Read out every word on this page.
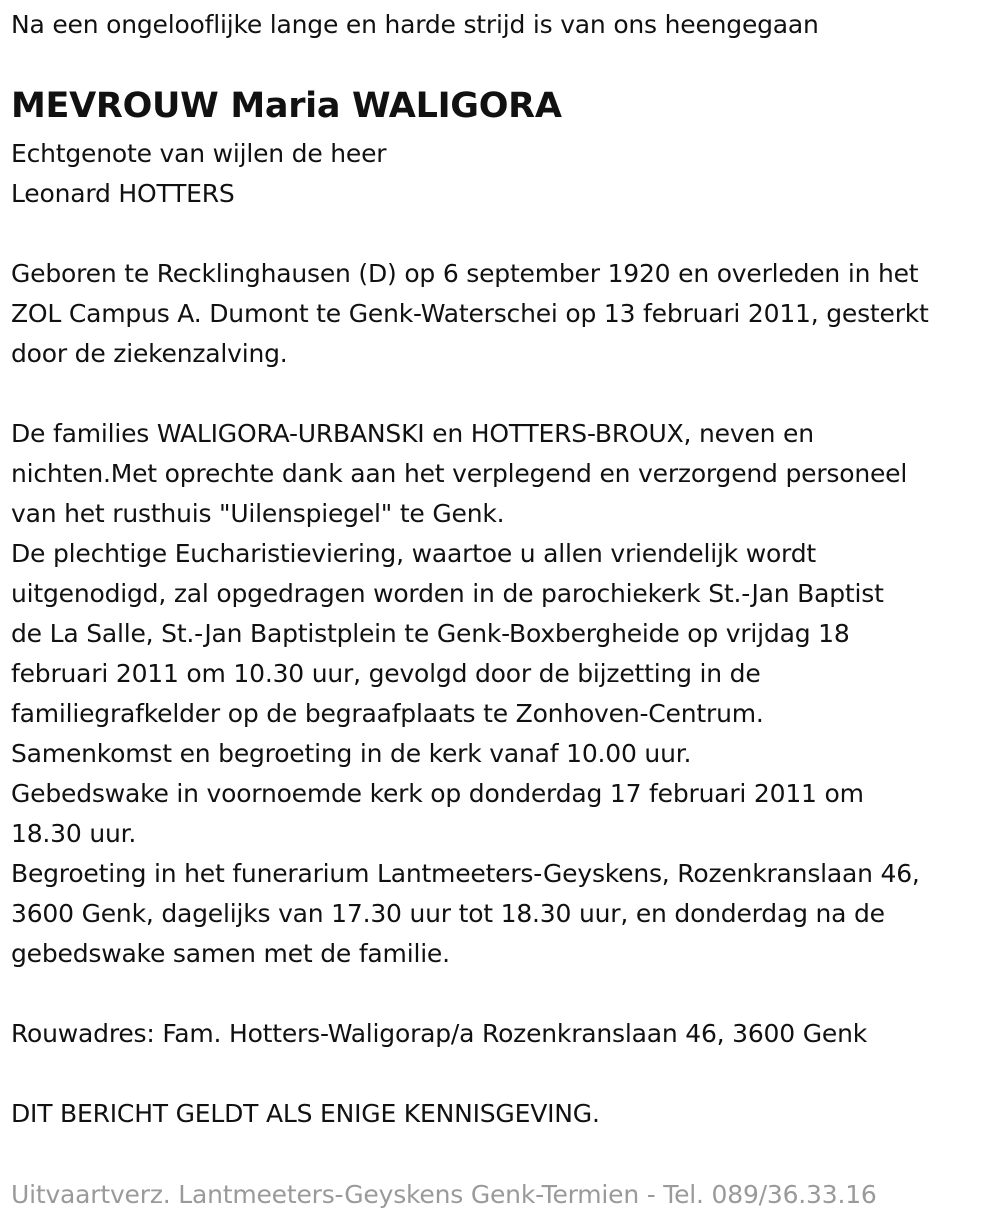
Na een ongelooflijke lange en harde strijd is van ons heengegaan
MEVROUW Maria WALIGORA
Echtgenote van wijlen de heer
Leonard HOTTERS
Geboren te Recklinghausen (D) op 6 september 1920 en overleden in het
ZOL Campus A. Dumont te Genk-Waterschei op 13 februari 2011, gesterkt
door de ziekenzalving.
De families WALIGORA-URBANSKI en HOTTERS-BROUX, neven en
nichten.Met oprechte dank aan het verplegend en verzorgend personeel
van het rusthuis "Uilenspiegel" te Genk.
De plechtige Eucharistieviering, waartoe u allen vriendelijk wordt
uitgenodigd, zal opgedragen worden in de parochiekerk St.-Jan Baptist
de La Salle, St.-Jan Baptistplein te Genk-Boxbergheide op vrijdag 18
februari 2011 om 10.30 uur, gevolgd door de bijzetting in de
familiegrafkelder op de begraafplaats te Zonhoven-Centrum.
Samenkomst en begroeting in de kerk vanaf 10.00 uur.
Gebedswake in voornoemde kerk op donderdag 17 februari 2011 om
18.30 uur.
Begroeting in het funerarium Lantmeeters-Geyskens, Rozenkranslaan 46,
3600 Genk, dagelijks van 17.30 uur tot 18.30 uur, en donderdag na de
gebedswake samen met de familie.
Rouwadres: Fam. Hotters-Waligorap/a Rozenkranslaan 46, 3600 Genk
DIT BERICHT GELDT ALS ENIGE KENNISGEVING.
Uitvaartverz. Lantmeeters-Geyskens Genk-Termien - Tel. 089/36.33.16
